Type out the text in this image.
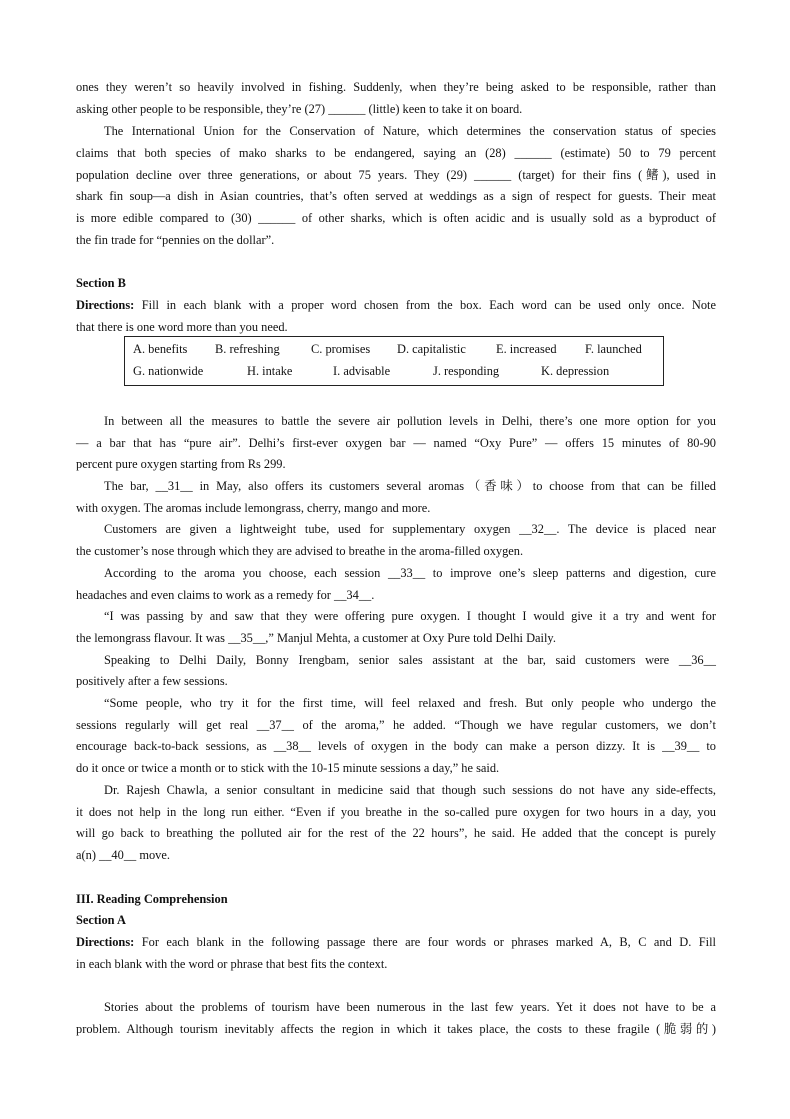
ones they weren’t so heavily involved in fishing. Suddenly, when they’re being asked to be responsible, rather than
asking other people to be responsible, they’re (27) ______ (little) keen to take it on board.
The International Union for the Conservation of Nature, which determines the conservation status of species
claims that both species of mako sharks to be endangered, saying an (28) ______ (estimate) 50 to 79 percent
population decline over three generations, or about 75 years. They (29) ______ (target) for their fins (鳍), used in
shark fin soup—a dish in Asian countries, that’s often served at weddings as a sign of respect for guests. Their meat
is more edible compared to (30) ______ of other sharks, which is often acidic and is usually sold as a byproduct of
the fin trade for “pennies on the dollar”.
Section B
Directions: Fill in each blank with a proper word chosen from the box. Each word can be used only once. Note
that there is one word more than you need.
A. benefits B. refreshing	C. promises D. capitalistic E. increased F. launched
G. nationwide	H. intake	I. advisable	J. responding	K. depression
In between all the measures to battle the severe air pollution levels in Delhi, there’s one more option for you
— a bar that has “pure air”. Delhi’s first-ever oxygen bar — named “Oxy Pure” — offers 15 minutes of 80-90
percent pure oxygen starting from Rs 299.
The bar, __31__ in May, also offers its customers several aromas（香味）to choose from that can be filled
with oxygen. The aromas include lemongrass, cherry, mango and more.
Customers are given a lightweight tube, used for supplementary oxygen __32__. The device is placed near
the customer’s nose through which they are advised to breathe in the aroma-filled oxygen.
According to the aroma you choose, each session __33__ to improve one’s sleep patterns and digestion, cure
headaches and even claims to work as a remedy for __34__.
“I was passing by and saw that they were offering pure oxygen. I thought I would give it a try and went for
the lemongrass flavour. It was __35__,” Manjul Mehta, a customer at Oxy Pure told Delhi Daily.
Speaking to Delhi Daily, Bonny Irengbam, senior sales assistant at the bar, said customers were __36__
positively after a few sessions.
“Some people, who try it for the first time, will feel relaxed and fresh. But only people who undergo the
sessions regularly will get real __37__ of the aroma,” he added. “Though we have regular customers, we don’t
encourage back-to-back sessions, as __38__ levels of oxygen in the body can make a person dizzy. It is __39__ to
do it once or twice a month or to stick with the 10-15 minute sessions a day,” he said.
Dr. Rajesh Chawla, a senior consultant in medicine said that though such sessions do not have any side-effects,
it does not help in the long run either. “Even if you breathe in the so-called pure oxygen for two hours in a day, you
will go back to breathing the polluted air for the rest of the 22 hours”, he said. He added that the concept is purely
a(n) __40__ move.
III. Reading Comprehension
Section A
Directions: For each blank in the following passage there are four words or phrases marked A, B, C and D. Fill
in each blank with the word or phrase that best fits the context.
Stories about the problems of tourism have been numerous in the last few years. Yet it does not have to be a
problem. Although tourism inevitably affects the region in which it takes place, the costs to these fragile (脆弱的)
